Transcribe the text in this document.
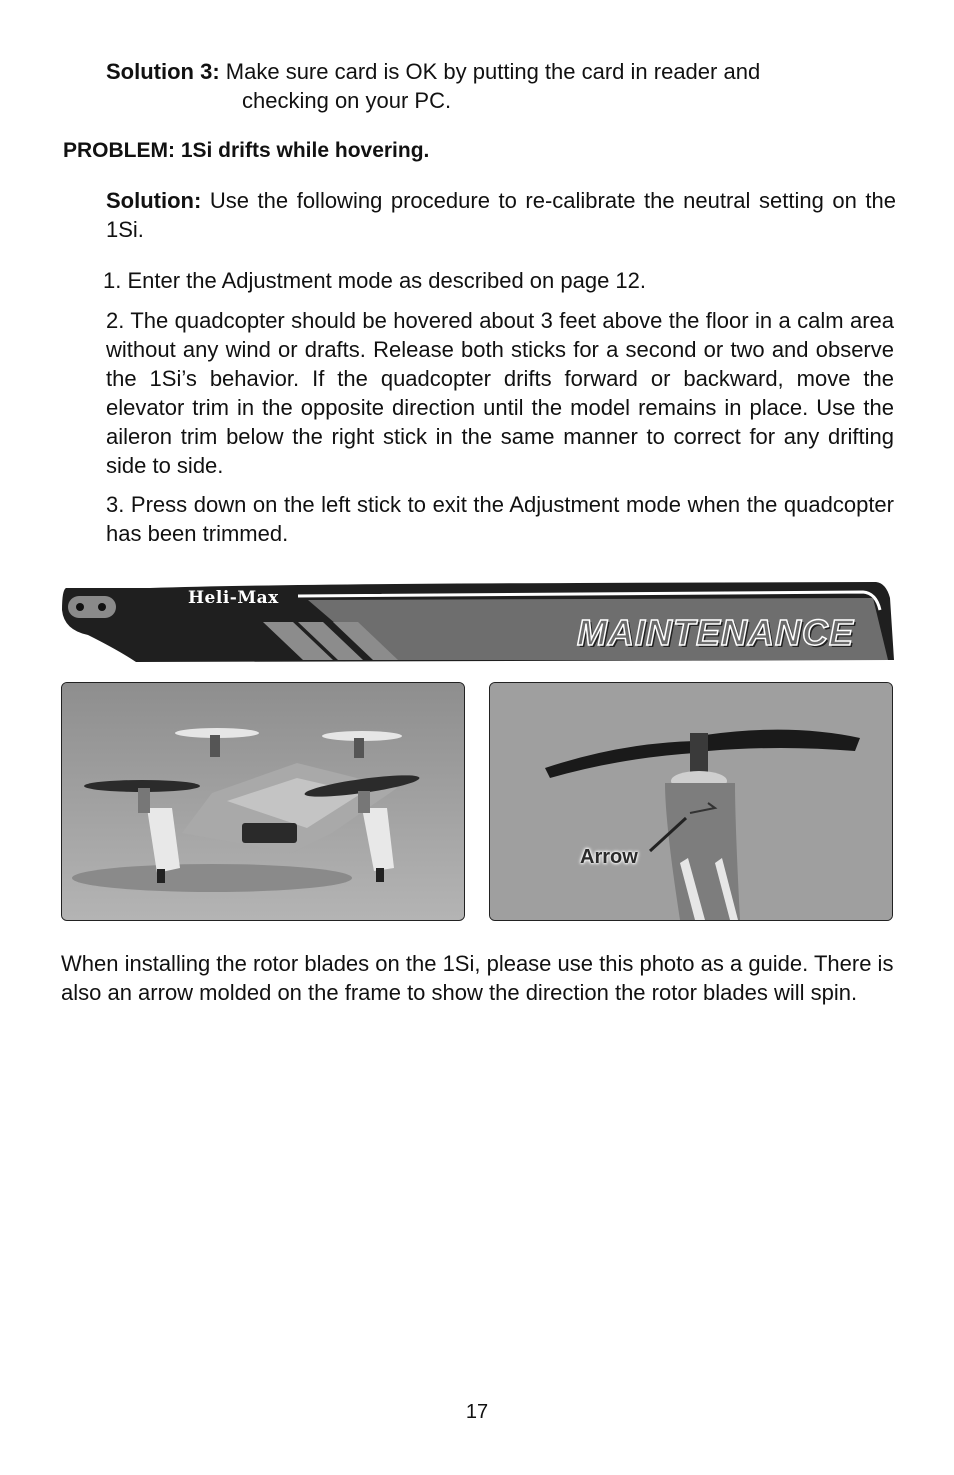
Solution 3: Make sure card is OK by putting the card in reader and

checking on your PC.

PROBLEM: 1Si drifts while hovering.

Solution: Use the following procedure to re-calibrate the neutral setting on the 1Si.

1. Enter the Adjustment mode as described on page 12.

2. The quadcopter should be hovered about 3 feet above the floor in a calm area without any wind or drafts. Release both sticks for a second or two and observe the 1Si’s behavior. If the quadcopter drifts forward or backward, move the elevator trim in the opposite direction until the model remains in place. Use the aileron trim below the right stick in the same manner to correct for any drifting side to side.

3. Press down on the left stick to exit the Adjustment mode when the quadcopter has been trimmed.

Heli-Max
MAINTENANCE
Arrow

When installing the rotor blades on the 1Si, please use this photo as a guide. There is also an arrow molded on the frame to show the direction the rotor blades will spin.

17
